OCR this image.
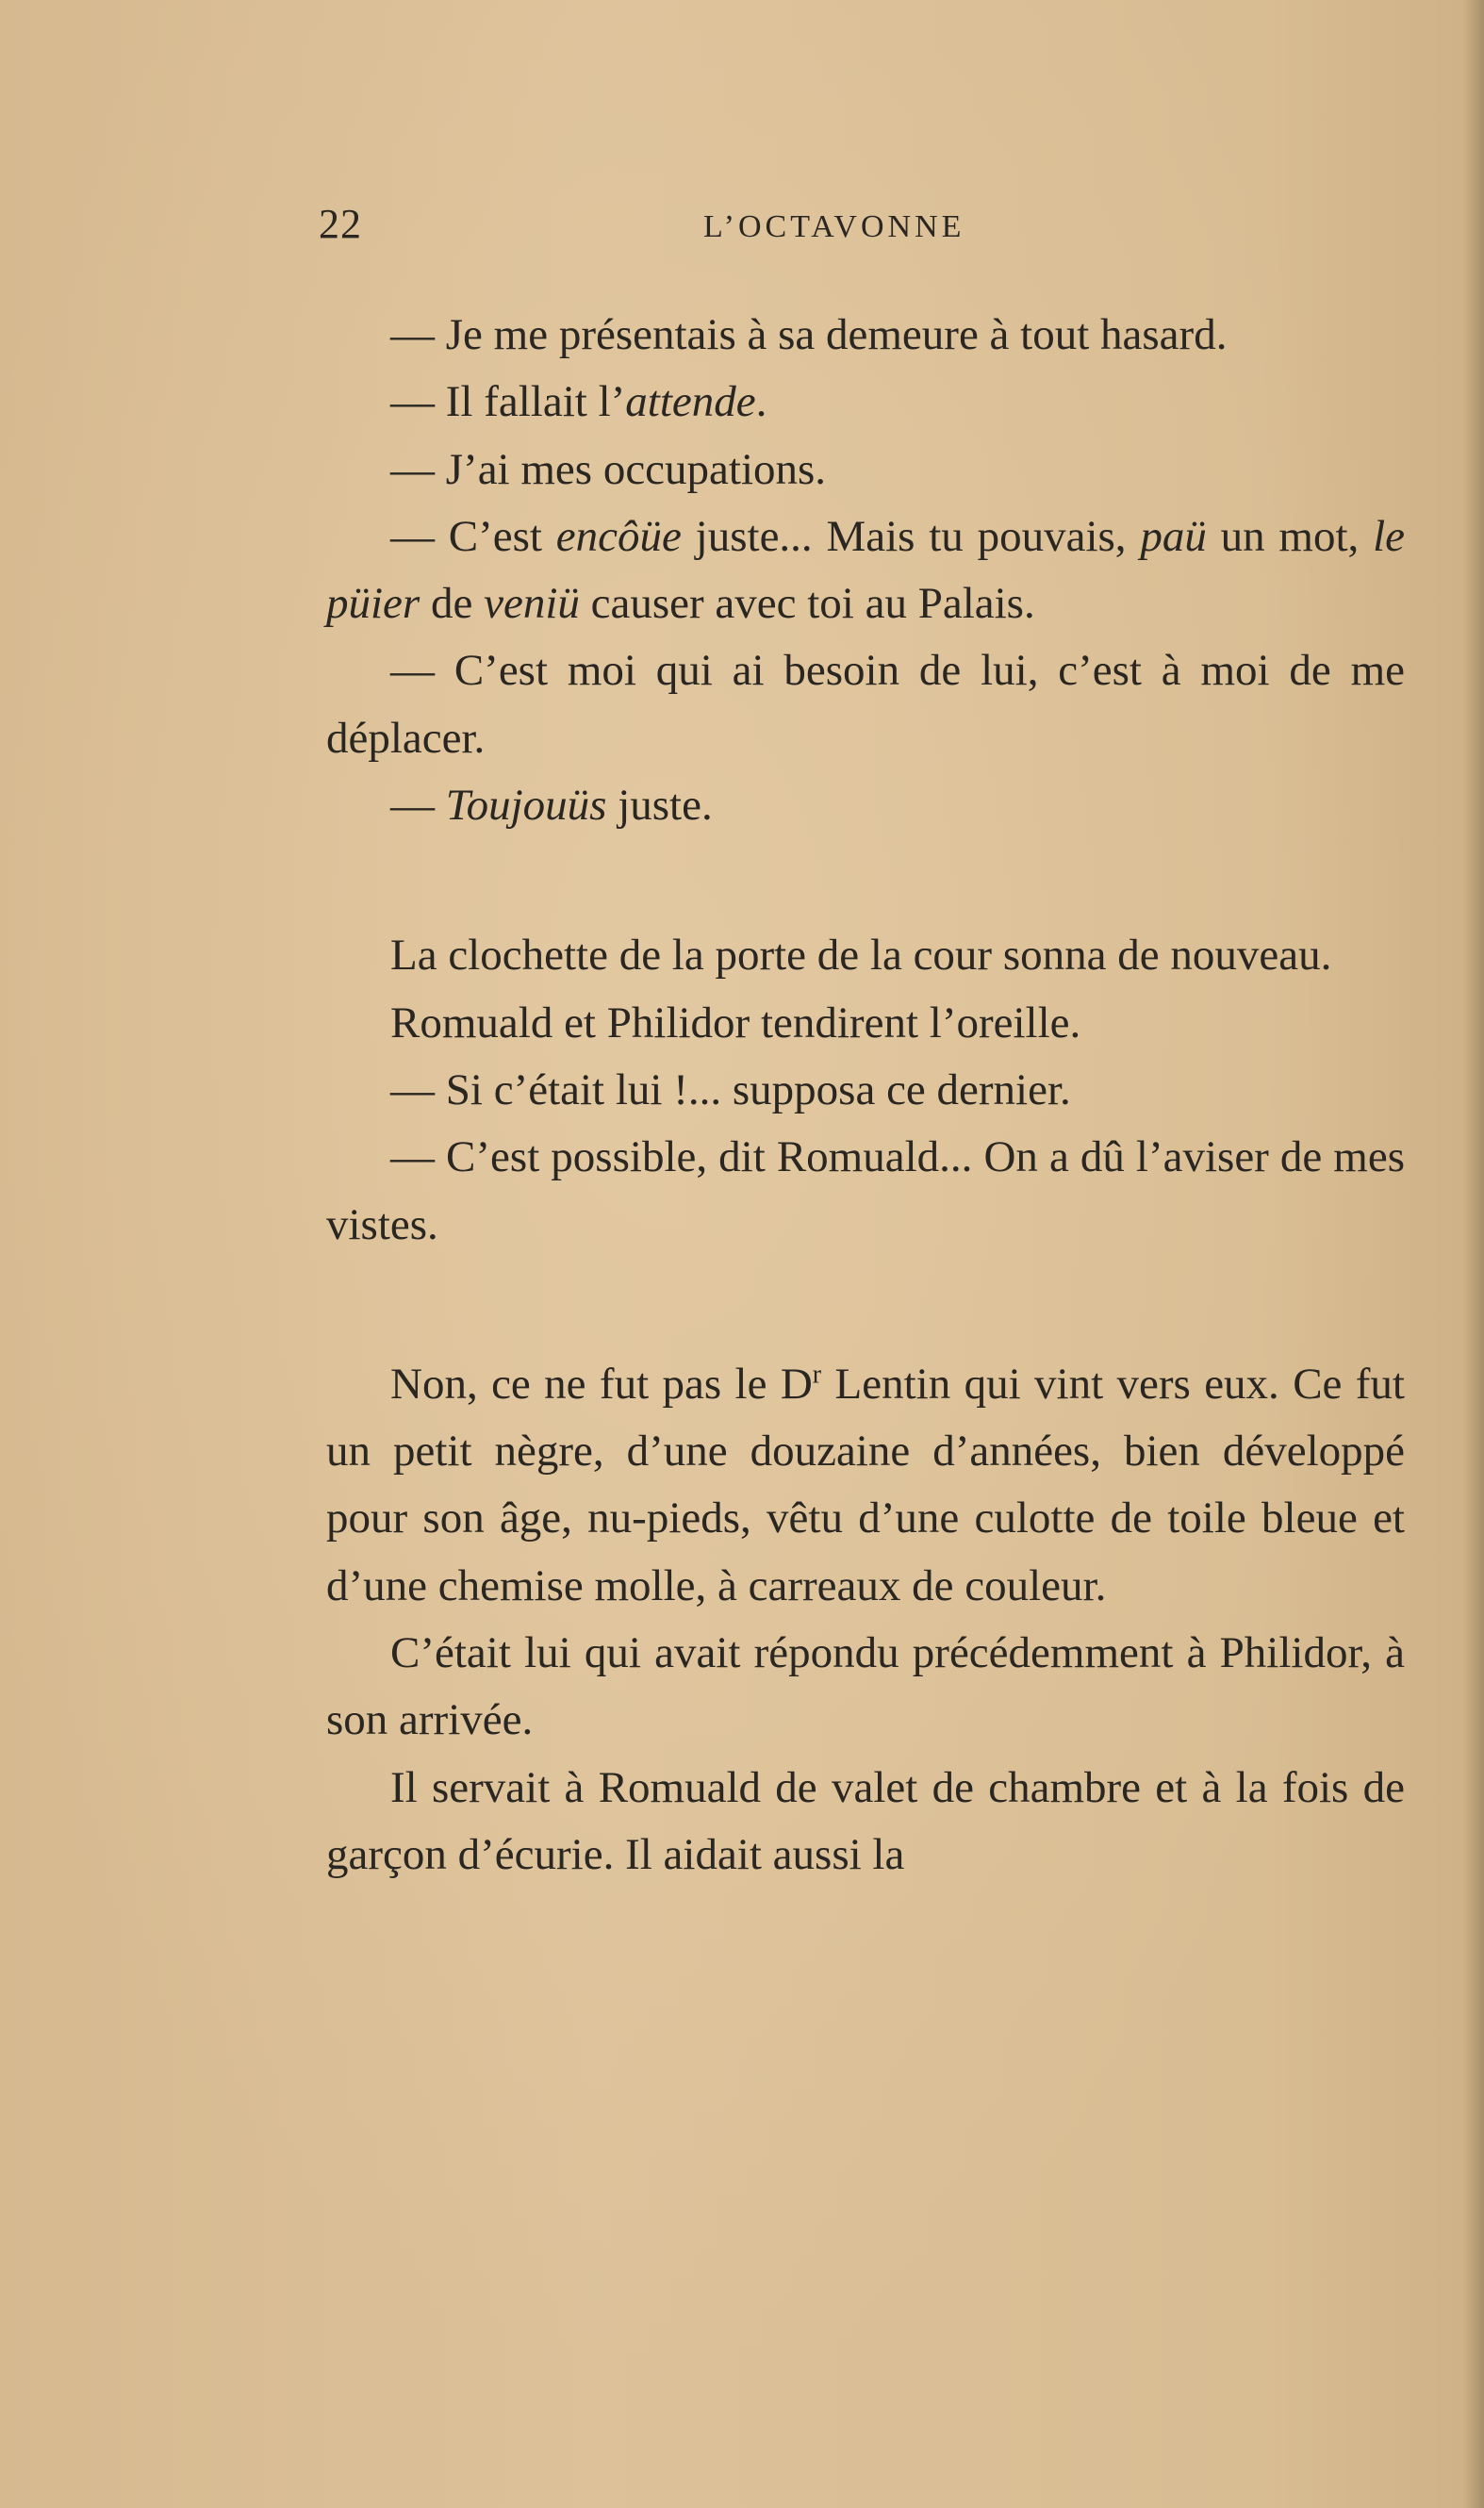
22	L’OCTAVONNE

— Je me présentais à sa demeure à tout hasard.

— Il fallait l’attende.

— J’ai mes occupations.

— C’est encôüe juste... Mais tu pouvais, paü un mot, le püier de veniü causer avec toi au Palais.

— C’est moi qui ai besoin de lui, c’est à moi de me déplacer.

— Toujouüs juste.

La clochette de la porte de la cour sonna de nouveau.

Romuald et Philidor tendirent l’oreille.

— Si c’était lui !... supposa ce dernier.

— C’est possible, dit Romuald... On a dû l’aviser de mes vistes.

Non, ce ne fut pas le $D^r$ Lentin qui vint vers eux. Ce fut un petit nègre, d’une douzaine d’années, bien développé pour son âge, nu-pieds, vêtu d’une culotte de toile bleue et d’une chemise molle, à carreaux de couleur.

C’était lui qui avait répondu précédemment à Philidor, à son arrivée.

Il servait à Romuald de valet de chambre et à la fois de garçon d’écurie. Il aidait aussi la
